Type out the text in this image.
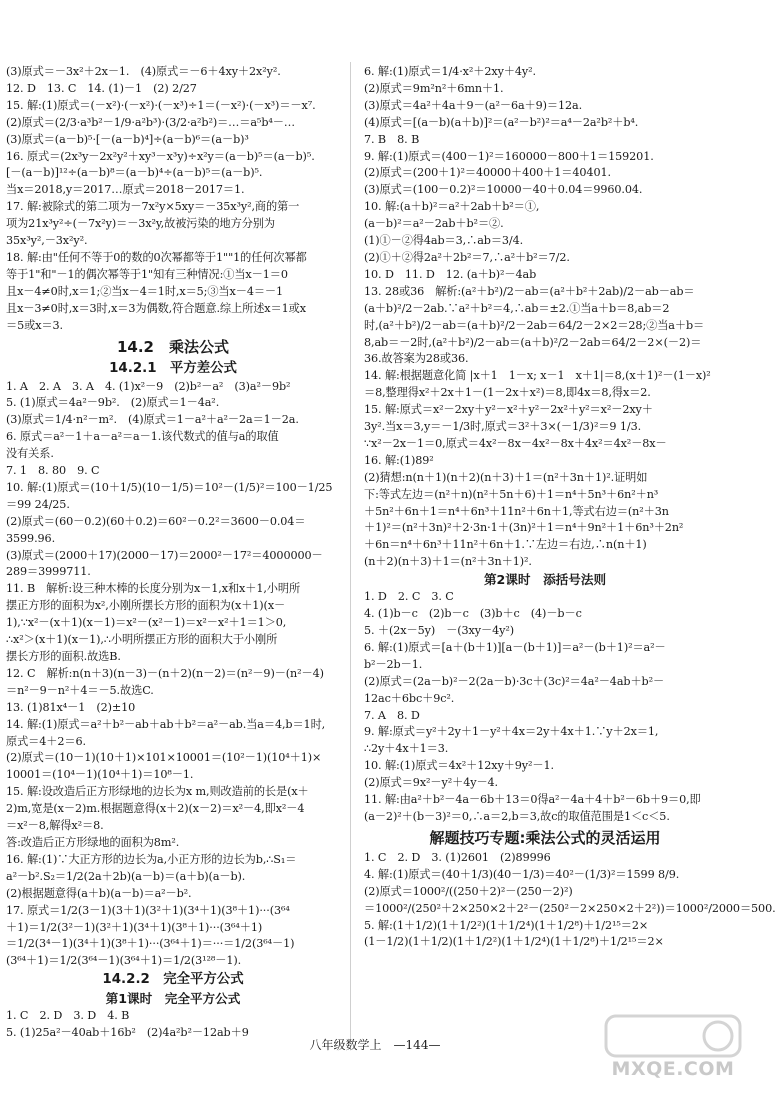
(3)原式＝－3x²＋2x－1.　(4)原式＝－6＋4xy＋2x²y².
12. D　13. C　14. (1)－1　(2) 2/27
15. 解:(1)原式＝(－x²)·(－x²)·(－x³)÷1＝(－x²)·(－x³)＝－x⁷.
(2)原式＝(2/3·a³b²－1/9·a²b³)·(3/2·a²b²)＝…＝a⁵b⁴－…
(3)原式＝(a－b)⁵·[－(a－b)⁴]÷(a－b)⁶＝(a－b)³
16. 原式＝(2x³y－2x²y²＋xy³－x³y)÷x²y＝(a－b)⁵＝(a－b)⁵.
[－(a－b)]¹²÷(a－b)⁸＝(a－b)⁴÷(a－b)⁵＝(a－b)⁵.
当x＝2018,y＝2017…原式＝2018－2017＝1.
17. 解:被除式的第二项为－7x²y×5xy＝－35x³y²,商的第一
项为21x³y²÷(－7x²y)＝－3x²y,故被污染的地方分别为
35x³y²,－3x²y².
18. 解:由"任何不等于0的数的0次幂都等于1""1的任何次幂都
等于1"和"－1的偶次幂等于1"知有三种情况:①当x－1＝0
且x－4≠0时,x＝1;②当x－4＝1时,x＝5;③当x－4＝－1
且x－3≠0时,x＝3时,x＝3为偶数,符合题意.综上所述x＝1或x
＝5或x＝3.
14.2　乘法公式
14.2.1　平方差公式
1. A　2. A　3. A　4. (1)x²－9　(2)b²－a²　(3)a²－9b²
5. (1)原式＝4a²－9b².　(2)原式＝1－4a².
(3)原式＝1/4·n²－m².　(4)原式＝1－a²＋a²－2a＝1－2a.
6. 原式＝a²－1＋a－a²＝a－1.该代数式的值与a的取值
没有关系.
7. 1　8. 80　9. C
10. 解:(1)原式＝(10＋1/5)(10－1/5)＝10²－(1/5)²＝100－1/25
＝99 24/25.
(2)原式＝(60－0.2)(60＋0.2)＝60²－0.2²＝3600－0.04＝
3599.96.
(3)原式＝(2000＋17)(2000－17)＝2000²－17²＝4000000－
289＝3999711.
11. B　解析:设三种木棒的长度分别为x－1,x和x＋1,小明所
摆正方形的面积为x²,小刚所摆长方形的面积为(x＋1)(x－
1),∵x²－(x＋1)(x－1)＝x²－(x²－1)＝x²－x²＋1＝1＞0,
∴x²＞(x＋1)(x－1),∴小明所摆正方形的面积大于小刚所
摆长方形的面积.故选B.
12. C　解析:n(n＋3)(n－3)－(n＋2)(n－2)＝(n²－9)－(n²－4)
＝n²－9－n²＋4＝－5.故选C.
13. (1)81x⁴－1　(2)±10
14. 解:(1)原式＝a²＋b²－ab＋ab＋b²＝a²－ab.当a＝4,b＝1时,
原式＝4＋2＝6.
(2)原式＝(10－1)(10＋1)×101×10001＝(10²－1)(10⁴＋1)×
10001＝(10⁴－1)(10⁴＋1)＝10⁸－1.
15. 解:设改造后正方形绿地的边长为x m,则改造前的长是(x＋
2)m,宽是(x－2)m.根据题意得(x＋2)(x－2)＝x²－4,即x²－4
＝x²－8,解得x²＝8.
答:改造后正方形绿地的面积为8m².
16. 解:(1)∵大正方形的边长为a,小正方形的边长为b,∴S₁＝
a²－b².S₂＝1/2(2a＋2b)(a－b)＝(a＋b)(a－b).
(2)根据题意得(a＋b)(a－b)＝a²－b².
17. 原式＝1/2(3－1)(3＋1)(3²＋1)(3⁴＋1)(3⁸＋1)···(3⁶⁴
＋1)＝1/2(3²－1)(3²＋1)(3⁴＋1)(3⁸＋1)···(3⁶⁴＋1)
＝1/2(3⁴－1)(3⁴＋1)(3⁸＋1)···(3⁶⁴＋1)＝···＝1/2(3⁶⁴－1)
(3⁶⁴＋1)＝1/2(3⁶⁴－1)(3⁶⁴＋1)＝1/2(3¹²⁸－1).
14.2.2　完全平方公式
第1课时　完全平方公式
1. C　2. D　3. D　4. B
5. (1)25a²－40ab＋16b²　(2)4a²b²－12ab＋9
6. 解:(1)原式＝1/4·x²＋2xy＋4y².
(2)原式＝9m²n²＋6mn＋1.
(3)原式＝4a²＋4a＋9－(a²－6a＋9)＝12a.
(4)原式＝[(a－b)(a＋b)]²＝(a²－b²)²＝a⁴－2a²b²＋b⁴.
7. B　8. B
9. 解:(1)原式＝(400－1)²＝160000－800＋1＝159201.
(2)原式＝(200＋1)²＝40000＋400＋1＝40401.
(3)原式＝(100－0.2)²＝10000－40＋0.04＝9960.04.
10. 解:(a＋b)²＝a²＋2ab＋b²＝①,
(a－b)²＝a²－2ab＋b²＝②.
(1)①－②得4ab＝3,∴ab＝3/4.
(2)①＋②得2a²＋2b²＝7,∴a²＋b²＝7/2.
10. D　11. D　12. (a＋b)²－4ab
13. 28或36　解析:(a²＋b²)/2－ab＝(a²＋b²＋2ab)/2－ab－ab＝
(a＋b)²/2－2ab.∵a²＋b²＝4,∴ab＝±2.①当a＋b＝8,ab＝2
时,(a²＋b²)/2－ab＝(a＋b)²/2－2ab＝64/2－2×2＝28;②当a＋b＝
8,ab＝－2时,(a²＋b²)/2－ab＝(a＋b)²/2－2ab＝64/2－2×(－2)＝
36.故答案为28或36.
14. 解:根据题意化简 |x＋1　1－x; x－1　x＋1|＝8,(x＋1)²－(1－x)²
＝8,整理得x²＋2x＋1－(1－2x＋x²)＝8,即4x＝8,得x＝2.
15. 解:原式＝x²－2xy＋y²－x²＋y²－2x²＋y²＝x²－2xy＋
3y².当x＝3,y＝－1/3时,原式＝3²＋3×(－1/3)²＝9 1/3.
∵x²－2x－1＝0,原式＝4x²－8x－4x²－8x＋4x²＝4x²－8x－
16. 解:(1)89²
(2)猜想:n(n＋1)(n＋2)(n＋3)＋1＝(n²＋3n＋1)².证明如
下:等式左边＝(n²＋n)(n²＋5n＋6)＋1＝n⁴＋5n³＋6n²＋n³
＋5n²＋6n＋1＝n⁴＋6n³＋11n²＋6n＋1,等式右边＝(n²＋3n
＋1)²＝(n²＋3n)²＋2·3n·1＋(3n)²＋1＝n⁴＋9n²＋1＋6n³＋2n²
＋6n＝n⁴＋6n³＋11n²＋6n＋1.∵左边＝右边,∴n(n＋1)
(n＋2)(n＋3)＋1＝(n²＋3n＋1)².
第2课时　添括号法则
1. D　2. C　3. C
4. (1)b－c　(2)b－c　(3)b＋c　(4)－b－c
5. ＋(2x－5y)　－(3xy－4y²)
6. 解:(1)原式＝[a＋(b＋1)][a－(b＋1)]＝a²－(b＋1)²＝a²－
b²－2b－1.
(2)原式＝(2a－b)²－2(2a－b)·3c＋(3c)²＝4a²－4ab＋b²－
12ac＋6bc＋9c².
7. A　8. D
9. 解:原式＝y²＋2y＋1－y²＋4x＝2y＋4x＋1.∵y＋2x＝1,
∴2y＋4x＋1＝3.
10. 解:(1)原式＝4x²＋12xy＋9y²－1.
(2)原式＝9x²－y²＋4y－4.
11. 解:由a²＋b²－4a－6b＋13＝0得a²－4a＋4＋b²－6b＋9＝0,即
(a－2)²＋(b－3)²＝0,∴a＝2,b＝3,故c的取值范围是1＜c＜5.
解题技巧专题:乘法公式的灵活运用
1. C　2. D　3. (1)2601　(2)89996
4. 解:(1)原式＝(40＋1/3)(40－1/3)＝40²－(1/3)²＝1599 8/9.
(2)原式＝1000²/((250＋2)²－(250－2)²)
＝1000²/(250²＋2×250×2＋2²－(250²－2×250×2＋2²))＝1000²/2000＝500.
5. 解:(1＋1/2)(1＋1/2²)(1＋1/2⁴)(1＋1/2⁸)＋1/2¹⁵＝2×
(1－1/2)(1＋1/2)(1＋1/2²)(1＋1/2⁴)(1＋1/2⁸)＋1/2¹⁵＝2×
八年级数学上　—144—
MXQE.COM
